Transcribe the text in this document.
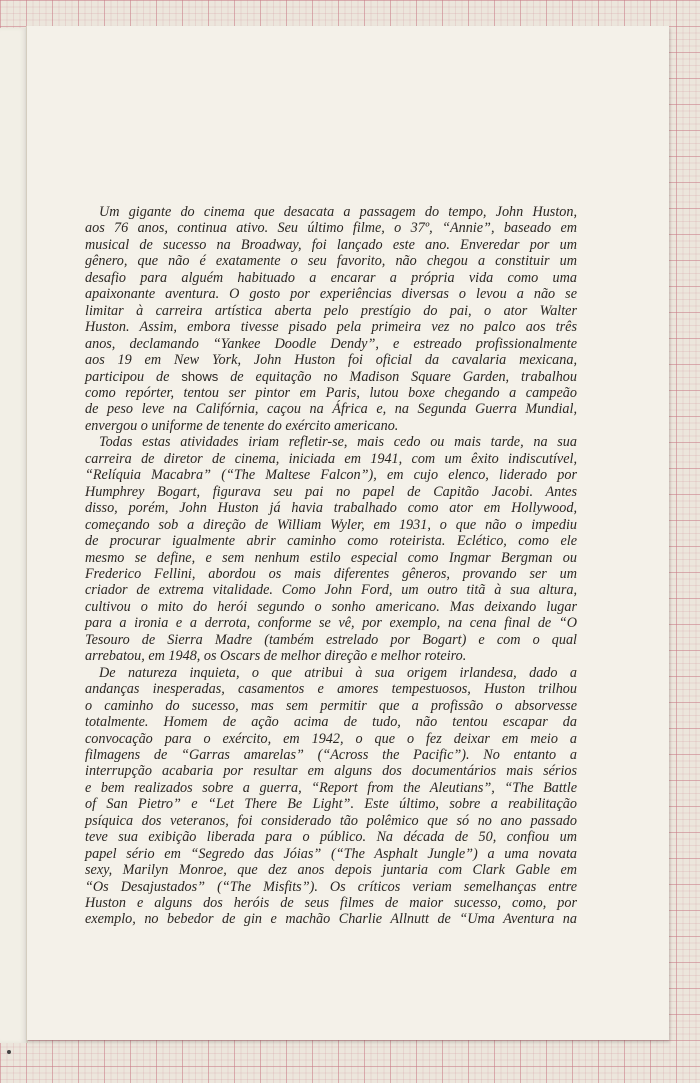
Um gigante do cinema que desacata a passagem do tempo, John Huston,
aos 76 anos, continua ativo. Seu último filme, o 37º, “Annie”, baseado em
musical de sucesso na Broadway, foi lançado este ano. Enveredar por um
gênero, que não é exatamente o seu favorito, não chegou a constituir um
desafio para alguém habituado a encarar a própria vida como uma
apaixonante aventura. O gosto por experiências diversas o levou a não se
limitar à carreira artística aberta pelo prestígio do pai, o ator Walter
Huston. Assim, embora tivesse pisado pela primeira vez no palco aos três
anos, declamando “Yankee Doodle Dendy”, e estreado profissionalmente
aos 19 em New York, John Huston foi oficial da cavalaria mexicana,
participou de shows de equitação no Madison Square Garden, trabalhou
como repórter, tentou ser pintor em Paris, lutou boxe chegando a campeão
de peso leve na Califórnia, caçou na África e, na Segunda Guerra Mundial,
envergou o uniforme de tenente do exército americano.
Todas estas atividades iriam refletir-se, mais cedo ou mais tarde, na sua
carreira de diretor de cinema, iniciada em 1941, com um êxito indiscutível,
“Relíquia Macabra” (“The Maltese Falcon”), em cujo elenco, liderado por
Humphrey Bogart, figurava seu pai no papel de Capitão Jacobi. Antes
disso, porém, John Huston já havia trabalhado como ator em Hollywood,
começando sob a direção de William Wyler, em 1931, o que não o impediu
de procurar igualmente abrir caminho como roteirista. Eclético, como ele
mesmo se define, e sem nenhum estilo especial como Ingmar Bergman ou
Frederico Fellini, abordou os mais diferentes gêneros, provando ser um
criador de extrema vitalidade. Como John Ford, um outro titã à sua altura,
cultivou o mito do herói segundo o sonho americano. Mas deixando lugar
para a ironia e a derrota, conforme se vê, por exemplo, na cena final de “O
Tesouro de Sierra Madre (também estrelado por Bogart) e com o qual
arrebatou, em 1948, os Oscars de melhor direção e melhor roteiro.
De natureza inquieta, o que atribui à sua origem irlandesa, dado a
andanças inesperadas, casamentos e amores tempestuosos, Huston trilhou
o caminho do sucesso, mas sem permitir que a profissão o absorvesse
totalmente. Homem de ação acima de tudo, não tentou escapar da
convocação para o exército, em 1942, o que o fez deixar em meio a
filmagens de “Garras amarelas” (“Across the Pacific”). No entanto a
interrupção acabaria por resultar em alguns dos documentários mais sérios
e bem realizados sobre a guerra, “Report from the Aleutians”, “The Battle
of San Pietro” e “Let There Be Light”. Este último, sobre a reabilitação
psíquica dos veteranos, foi considerado tão polêmico que só no ano passado
teve sua exibição liberada para o público. Na década de 50, confiou um
papel sério em “Segredo das Jóias” (“The Asphalt Jungle”) a uma novata
sexy, Marilyn Monroe, que dez anos depois juntaria com Clark Gable em
“Os Desajustados” (“The Misfits”). Os críticos veriam semelhanças entre
Huston e alguns dos heróis de seus filmes de maior sucesso, como, por
exemplo, no bebedor de gin e machão Charlie Allnutt de “Uma Aventura na
